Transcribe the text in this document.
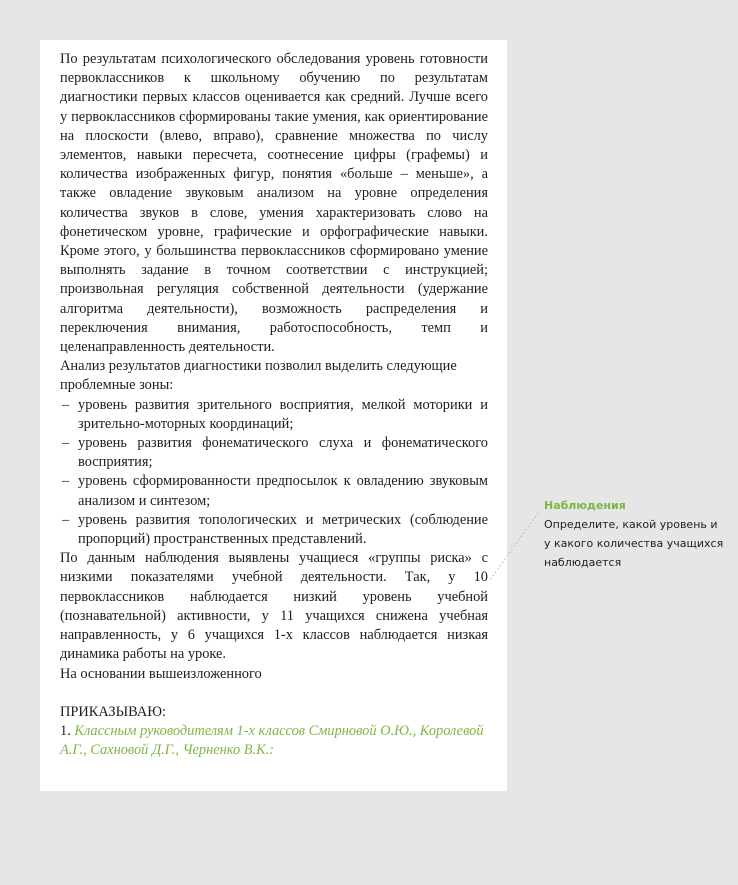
По результатам психологического обследования уровень готовности первоклассников к школьному обучению по результатам диагностики первых классов оценивается как средний. Лучше всего у первоклассников сформированы такие умения, как ориентирование на плоскости (влево, вправо), сравнение множества по числу элементов, навыки пересчета, соотнесение цифры (графемы) и количества изображенных фигур, понятия «больше – меньше», а также овладение звуковым анализом на уровне определения количества звуков в слове, умения характеризовать слово на фонетическом уровне, графические и орфографические навыки. Кроме этого, у большинства первоклассников сформировано умение выполнять задание в точном соответствии с инструкцией; произвольная регуляция собственной деятельности (удержание алгоритма деятельности), возможность распределения и переключения внимания, работоспособность, темп и целенаправленность деятельности.

Анализ результатов диагностики позволил выделить следующие проблемные зоны:

– уровень развития зрительного восприятия, мелкой моторики и зрительно-моторных координаций;
– уровень развития фонематического слуха и фонематического восприятия;
– уровень сформированности предпосылок к овладению звуковым анализом и синтезом;
– уровень развития топологических и метрических (соблюдение пропорций) пространственных представлений.

По данным наблюдения выявлены учащиеся «группы риска» с низкими показателями учебной деятельности. Так, у 10 первоклассников наблюдается низкий уровень учебной (познавательной) активности, у 11 учащихся снижена учебная направленность, у 6 учащихся 1-х классов наблюдается низкая динамика работы на уроке.

На основании вышеизложенного

ПРИКАЗЫВАЮ:

1. Классным руководителям 1-х классов Смирновой О.Ю., Королевой А.Г., Сахновой Д.Г., Черненко В.К.:

Наблюдения
Определите, какой уровень и у какого количества учащихся наблюдается
